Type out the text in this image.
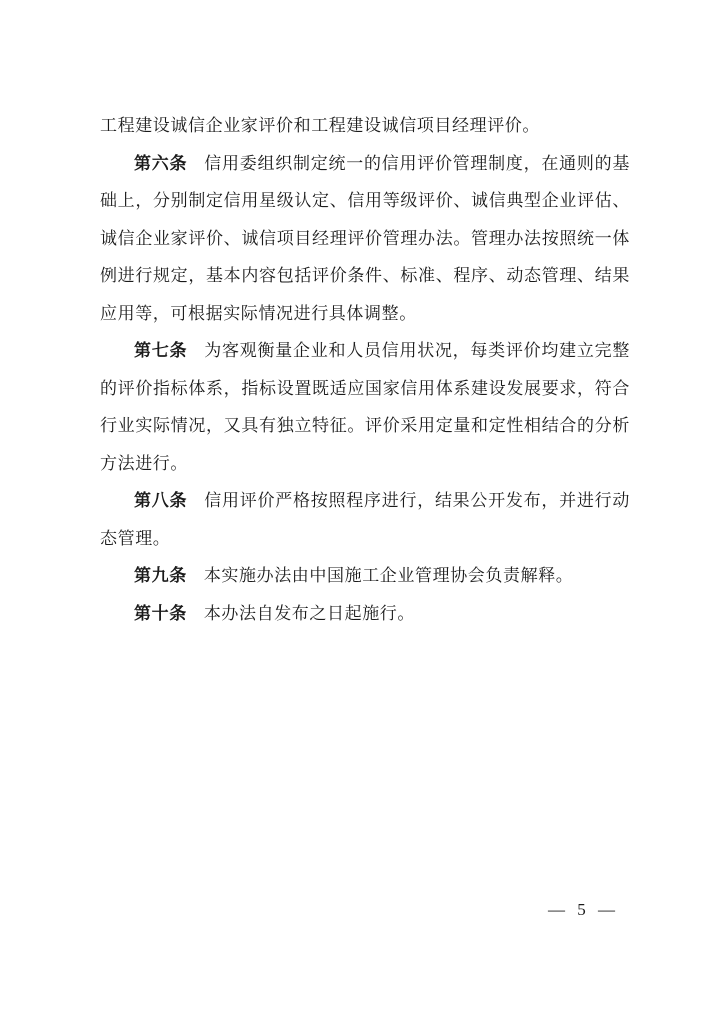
工程建设诚信企业家评价和工程建设诚信项目经理评价。

第六条 信用委组织制定统一的信用评价管理制度，在通则的基础上，分别制定信用星级认定、信用等级评价、诚信典型企业评估、诚信企业家评价、诚信项目经理评价管理办法。管理办法按照统一体例进行规定，基本内容包括评价条件、标准、程序、动态管理、结果应用等，可根据实际情况进行具体调整。

第七条 为客观衡量企业和人员信用状况，每类评价均建立完整的评价指标体系，指标设置既适应国家信用体系建设发展要求，符合行业实际情况，又具有独立特征。评价采用定量和定性相结合的分析方法进行。

第八条 信用评价严格按照程序进行，结果公开发布，并进行动态管理。

第九条 本实施办法由中国施工企业管理协会负责解释。

第十条 本办法自发布之日起施行。

— 5 —
